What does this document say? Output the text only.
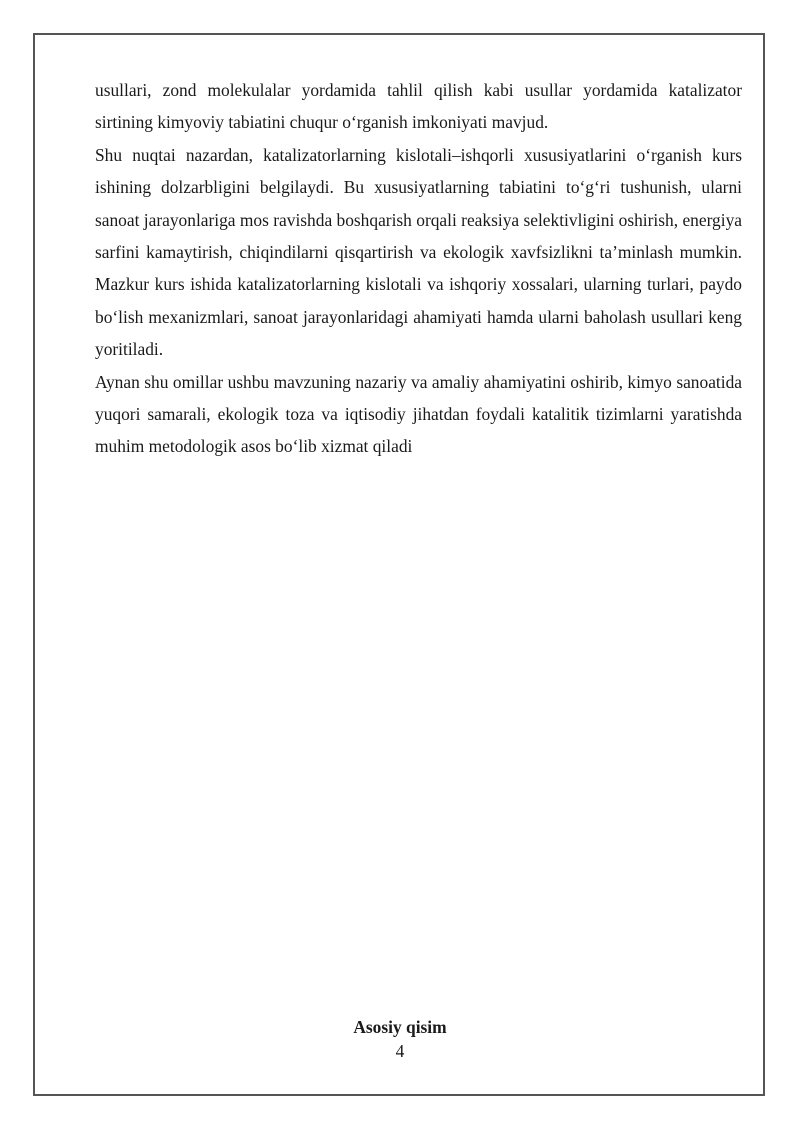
usullari, zond molekulalar yordamida tahlil qilish kabi usullar yordamida katalizator sirtining kimyoviy tabiatini chuqur o‘rganish imkoniyati mavjud.

Shu nuqtai nazardan, katalizatorlarning kislotali–ishqorli xususiyatlarini o‘rganish kurs ishining dolzarbligini belgilaydi. Bu xususiyatlarning tabiatini to‘g‘ri tushunish, ularni sanoat jarayonlariga mos ravishda boshqarish orqali reaksiya selektivligini oshirish, energiya sarfini kamaytirish, chiqindilarni qisqartirish va ekologik xavfsizlikni ta’minlash mumkin. Mazkur kurs ishida katalizatorlarning kislotali va ishqoriy xossalari, ularning turlari, paydo bo‘lish mexanizmlari, sanoat jarayonlaridagi ahamiyati hamda ularni baholash usullari keng yoritiladi.

Aynan shu omillar ushbu mavzuning nazariy va amaliy ahamiyatini oshirib, kimyo sanoatida yuqori samarali, ekologik toza va iqtisodiy jihatdan foydali katalitik tizimlarni yaratishda muhim metodologik asos bo‘lib xizmat qiladi

Asosiy qisim
4
